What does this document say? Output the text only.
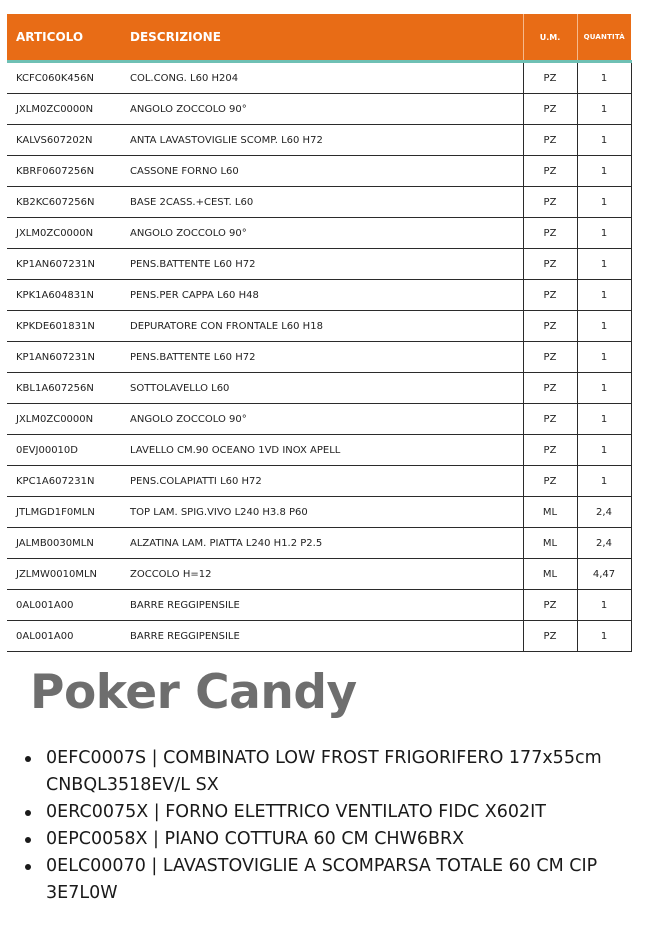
ARTICOLO	DESCRIZIONE	U.M.	QUANTITÀ
KCFC060K456N	COL.CONG. L60 H204	PZ	1
JXLM0ZC0000N	ANGOLO ZOCCOLO 90°	PZ	1
KALVS607202N	ANTA LAVASTOVIGLIE SCOMP. L60 H72	PZ	1
KBRF0607256N	CASSONE FORNO L60	PZ	1
KB2KC607256N	BASE 2CASS.+CEST. L60	PZ	1
JXLM0ZC0000N	ANGOLO ZOCCOLO 90°	PZ	1
KP1AN607231N	PENS.BATTENTE L60 H72	PZ	1
KPK1A604831N	PENS.PER CAPPA L60 H48	PZ	1
KPKDE601831N	DEPURATORE CON FRONTALE L60 H18	PZ	1
KP1AN607231N	PENS.BATTENTE L60 H72	PZ	1
KBL1A607256N	SOTTOLAVELLO L60	PZ	1
JXLM0ZC0000N	ANGOLO ZOCCOLO 90°	PZ	1
0EVJ00010D	LAVELLO CM.90 OCEANO 1VD INOX APELL	PZ	1
KPC1A607231N	PENS.COLAPIATTI L60 H72	PZ	1
JTLMGD1F0MLN	TOP LAM. SPIG.VIVO L240 H3.8 P60	ML	2,4
JALMB0030MLN	ALZATINA LAM. PIATTA L240 H1.2 P2.5	ML	2,4
JZLMW0010MLN	ZOCCOLO H=12	ML	4,47
0AL001A00	BARRE REGGIPENSILE	PZ	1
0AL001A00	BARRE REGGIPENSILE	PZ	1
Poker Candy
0EFC0007S | COMBINATO LOW FROST FRIGORIFERO 177x55cm CNBQL3518EV/L SX
0ERC0075X | FORNO ELETTRICO VENTILATO FIDC X602IT
0EPC0058X | PIANO COTTURA 60 CM CHW6BRX
0ELC00070 | LAVASTOVIGLIE A SCOMPARSA TOTALE 60 CM CIP 3E7L0W
